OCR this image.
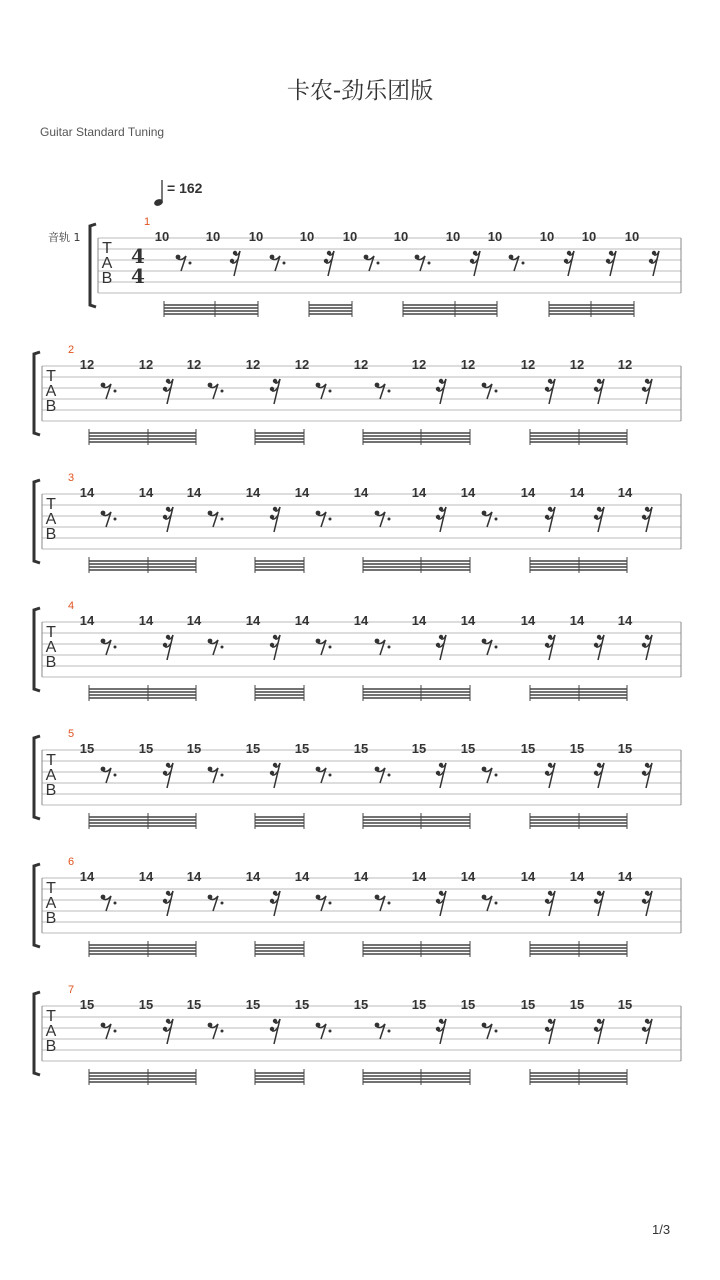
卡农-劲乐团版
Guitar Standard Tuning
= 162
T
A
B
音轨 1
4
4
1
10	10 10	10 10	10	10 10	10 10 10
T
A
B
2
12	12	12	12	12	12	12	12	12	12	12
T
A
B
3
14	14	14	14	14	14	14	14	14	14	14
T
A
B
4
14	14	14	14	14	14	14	14	14	14	14
T
A
B
5
15	15	15	15	15	15	15	15	15	15	15
T
A
B
6
14	14	14	14	14	14	14	14	14	14	14
T
A
B
7
15	15	15	15	15	15	15	15	15	15	15
1/3
